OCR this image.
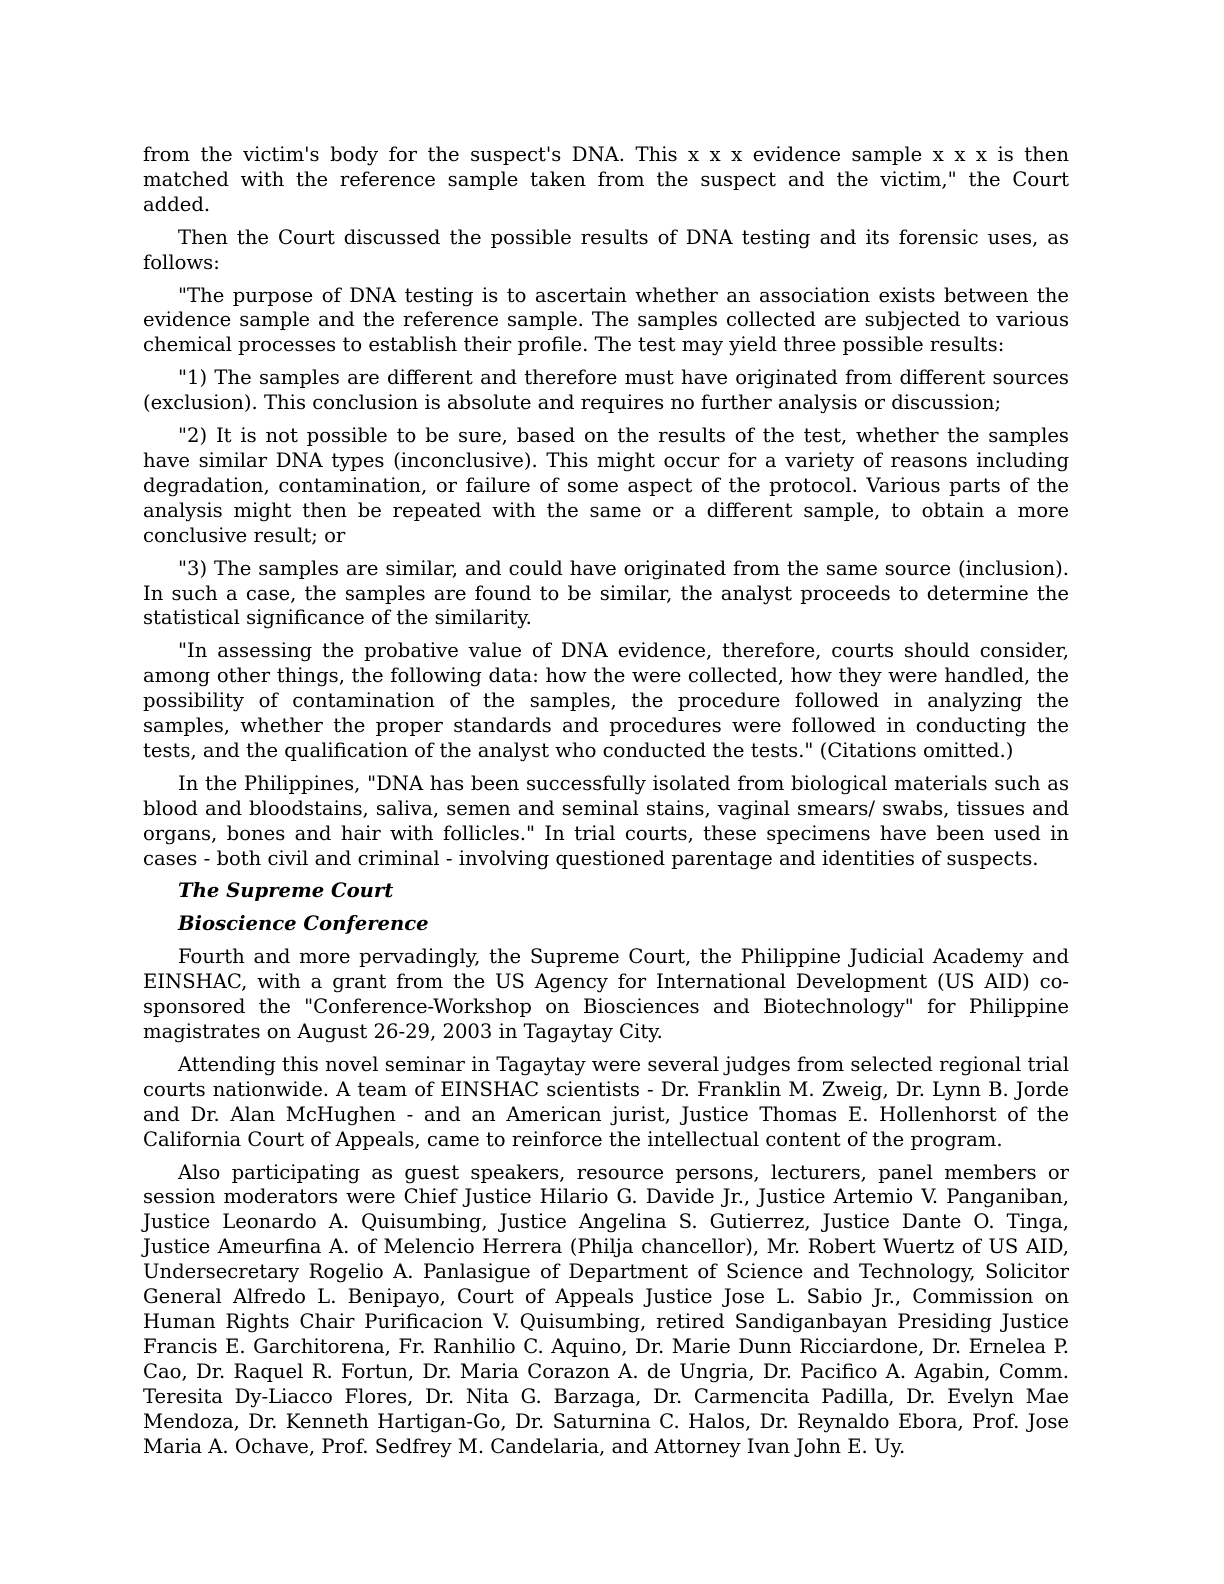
from the victim's body for the suspect's DNA. This x x x evidence sample x x x is then matched with the reference sample taken from the suspect and the victim," the Court added.

Then the Court discussed the possible results of DNA testing and its forensic uses, as follows:

"The purpose of DNA testing is to ascertain whether an association exists between the evidence sample and the reference sample. The samples collected are subjected to various chemical processes to establish their profile. The test may yield three possible results:

"1) The samples are different and therefore must have originated from different sources (exclusion). This conclusion is absolute and requires no further analysis or discussion;

"2) It is not possible to be sure, based on the results of the test, whether the samples have similar DNA types (inconclusive). This might occur for a variety of reasons including degradation, contamination, or failure of some aspect of the protocol. Various parts of the analysis might then be repeated with the same or a different sample, to obtain a more conclusive result; or

"3) The samples are similar, and could have originated from the same source (inclusion). In such a case, the samples are found to be similar, the analyst proceeds to determine the statistical significance of the similarity.

"In assessing the probative value of DNA evidence, therefore, courts should consider, among other things, the following data: how the were collected, how they were handled, the possibility of contamination of the samples, the procedure followed in analyzing the samples, whether the proper standards and procedures were followed in conducting the tests, and the qualification of the analyst who conducted the tests." (Citations omitted.)

In the Philippines, "DNA has been successfully isolated from biological materials such as blood and bloodstains, saliva, semen and seminal stains, vaginal smears/ swabs, tissues and organs, bones and hair with follicles." In trial courts, these specimens have been used in cases - both civil and criminal - involving questioned parentage and identities of suspects.

The Supreme Court

Bioscience Conference

Fourth and more pervadingly, the Supreme Court, the Philippine Judicial Academy and EINSHAC, with a grant from the US Agency for International Development (US AID) co-sponsored the "Conference-Workshop on Biosciences and Biotechnology" for Philippine magistrates on August 26-29, 2003 in Tagaytay City.

Attending this novel seminar in Tagaytay were several judges from selected regional trial courts nationwide. A team of EINSHAC scientists - Dr. Franklin M. Zweig, Dr. Lynn B. Jorde and Dr. Alan McHughen - and an American jurist, Justice Thomas E. Hollenhorst of the California Court of Appeals, came to reinforce the intellectual content of the program.

Also participating as guest speakers, resource persons, lecturers, panel members or session moderators were Chief Justice Hilario G. Davide Jr., Justice Artemio V. Panganiban, Justice Leonardo A. Quisumbing, Justice Angelina S. Gutierrez, Justice Dante O. Tinga, Justice Ameurfina A. of Melencio Herrera (Philja chancellor), Mr. Robert Wuertz of US AID, Undersecretary Rogelio A. Panlasigue of Department of Science and Technology, Solicitor General Alfredo L. Benipayo, Court of Appeals Justice Jose L. Sabio Jr., Commission on Human Rights Chair Purificacion V. Quisumbing, retired Sandiganbayan Presiding Justice Francis E. Garchitorena, Fr. Ranhilio C. Aquino, Dr. Marie Dunn Ricciardone, Dr. Ernelea P. Cao, Dr. Raquel R. Fortun, Dr. Maria Corazon A. de Ungria, Dr. Pacifico A. Agabin, Comm. Teresita Dy-Liacco Flores, Dr. Nita G. Barzaga, Dr. Carmencita Padilla, Dr. Evelyn Mae Mendoza, Dr. Kenneth Hartigan-Go, Dr. Saturnina C. Halos, Dr. Reynaldo Ebora, Prof. Jose Maria A. Ochave, Prof. Sedfrey M. Candelaria, and Attorney Ivan John E. Uy.
